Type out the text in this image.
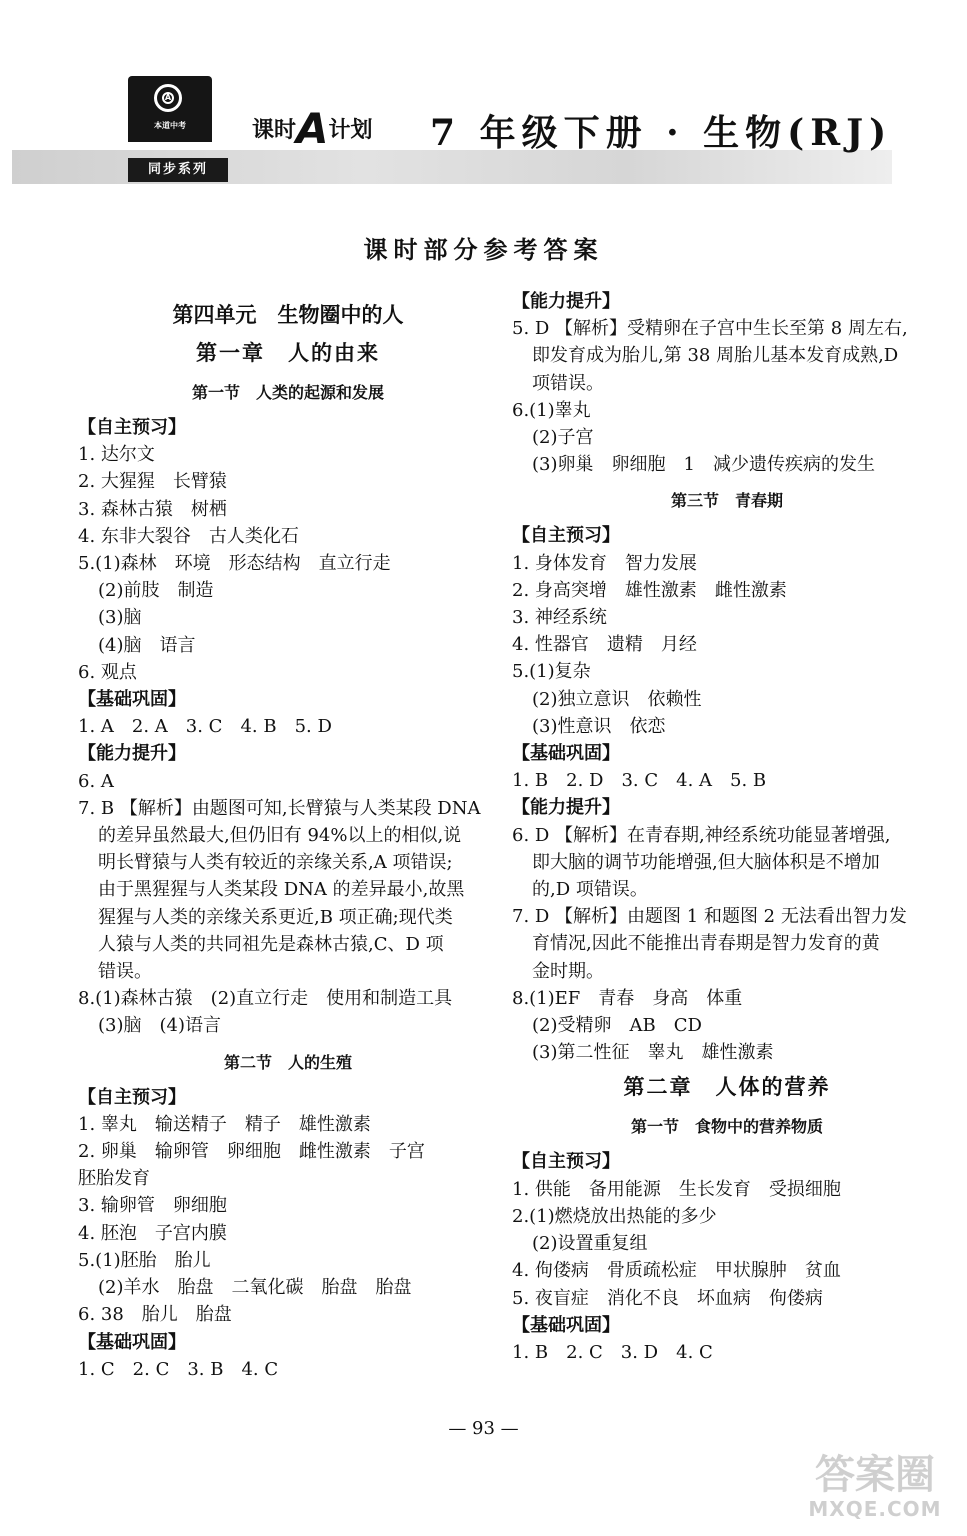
A
本道中考
同步系列
课时A计划 7 年级下册 · 生物(RJ)
课时部分参考答案
第四单元　生物圈中的人
第一章　人的由来
第一节　人类的起源和发展
【自主预习】
1. 达尔文
2. 大猩猩　长臂猿
3. 森林古猿　树栖
4. 东非大裂谷　古人类化石
5.(1)森林　环境　形态结构　直立行走
(2)前肢　制造
(3)脑
(4)脑　语言
6. 观点
【基础巩固】
1. A　2. A　3. C　4. B　5. D
【能力提升】
6. A
7. B 【解析】由题图可知,长臂猿与人类某段 DNA
的差异虽然最大,但仍旧有 94%以上的相似,说
明长臂猿与人类有较近的亲缘关系,A 项错误;
由于黑猩猩与人类某段 DNA 的差异最小,故黑
猩猩与人类的亲缘关系更近,B 项正确;现代类
人猿与人类的共同祖先是森林古猿,C、D 项
错误。
8.(1)森林古猿　(2)直立行走　使用和制造工具
(3)脑　(4)语言
第二节　人的生殖
【自主预习】
1. 睾丸　输送精子　精子　雄性激素
2. 卵巢　输卵管　卵细胞　雌性激素　子宫
胚胎发育
3. 输卵管　卵细胞
4. 胚泡　子宫内膜
5.(1)胚胎　胎儿
(2)羊水　胎盘　二氧化碳　胎盘　胎盘
6. 38　胎儿　胎盘
【基础巩固】
1. C　2. C　3. B　4. C
【能力提升】
5. D 【解析】受精卵在子宫中生长至第 8 周左右,
即发育成为胎儿,第 38 周胎儿基本发育成熟,D
项错误。
6.(1)睾丸
(2)子宫
(3)卵巢　卵细胞　1　减少遗传疾病的发生
第三节　青春期
【自主预习】
1. 身体发育　智力发展
2. 身高突增　雄性激素　雌性激素
3. 神经系统
4. 性器官　遗精　月经
5.(1)复杂
(2)独立意识　依赖性
(3)性意识　依恋
【基础巩固】
1. B　2. D　3. C　4. A　5. B
【能力提升】
6. D 【解析】在青春期,神经系统功能显著增强,
即大脑的调节功能增强,但大脑体积是不增加
的,D 项错误。
7. D 【解析】由题图 1 和题图 2 无法看出智力发
育情况,因此不能推出青春期是智力发育的黄
金时期。
8.(1)EF　青春　身高　体重
(2)受精卵　AB　CD
(3)第二性征　睾丸　雄性激素
第二章　人体的营养
第一节　食物中的营养物质
【自主预习】
1. 供能　备用能源　生长发育　受损细胞
2.(1)燃烧放出热能的多少
(2)设置重复组
4. 佝偻病　骨质疏松症　甲状腺肿　贫血
5. 夜盲症　消化不良　坏血病　佝偻病
【基础巩固】
1. B　2. C　3. D　4. C
— 93 —
答案圈
MXQE.COM
